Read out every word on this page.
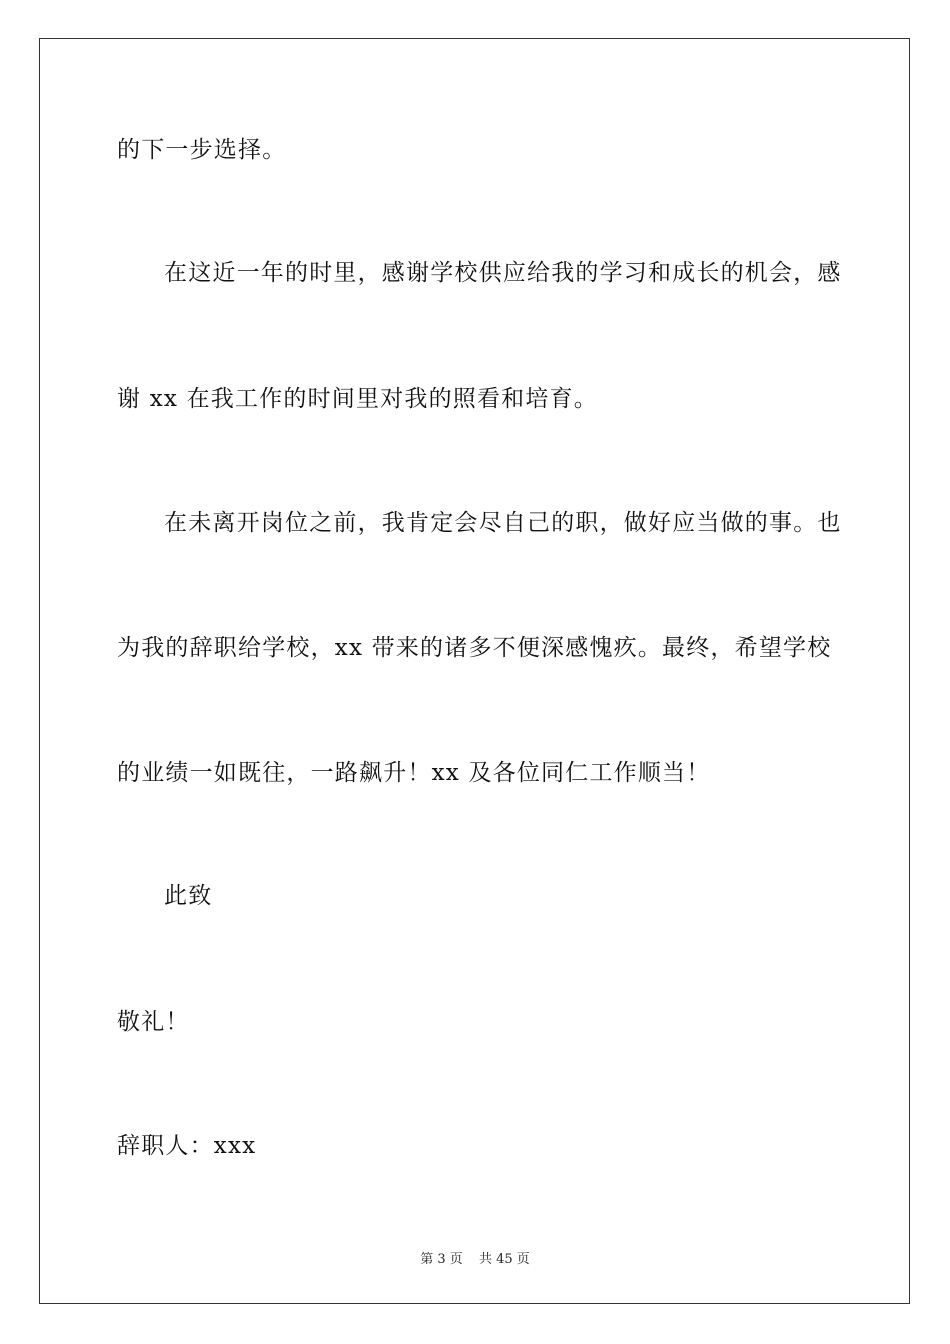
的下一步选择。
在这近一年的时里，感谢学校供应给我的学习和成长的机会，感
谢 xx 在我工作的时间里对我的照看和培育。
在未离开岗位之前，我肯定会尽自己的职，做好应当做的事。也
为我的辞职给学校，xx 带来的诸多不便深感愧疚。最终，希望学校
的业绩一如既往，一路飙升！xx 及各位同仁工作顺当！
此致
敬礼！
辞职人：xxx
第 3 页 共 45 页
